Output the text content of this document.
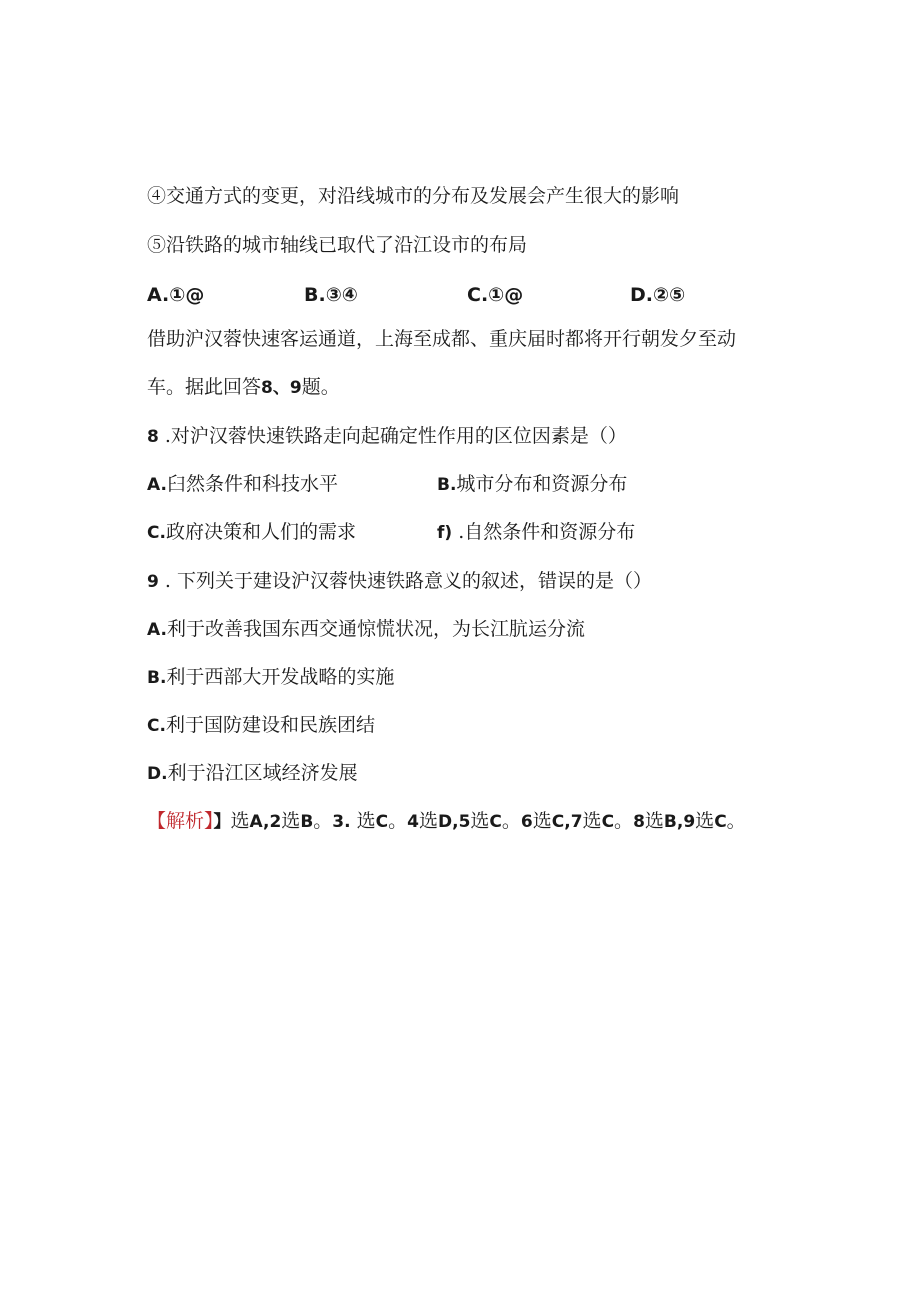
④交通方式的变更，对沿线城市的分布及发展会产生很大的影响
⑤沿铁路的城市轴线已取代了沿江设市的布局
A.①@	B.③④	C.①@	D.②⑤
借助沪汉蓉快速客运通道，上海至成都、重庆届时都将开行朝发夕至动
车。据此回答8、9题。
8 .对沪汉蓉快速铁路走向起确定性作用的区位因素是（）
A.臼然条件和科技水平	B.城市分布和资源分布
C.政府决策和人们的需求	f) .自然条件和资源分布
9 . 下列关于建设沪汉蓉快速铁路意义的叙述，错误的是（）
A.利于改善我国东西交通惊慌状况，为长江肮运分流
B.利于西部大开发战略的实施
C.利于国防建设和民族团结
D.利于沿江区域经济发展
【解析】】选A,2选B。3. 选C。4选D,5选C。6选C,7选C。8选B,9选C。
